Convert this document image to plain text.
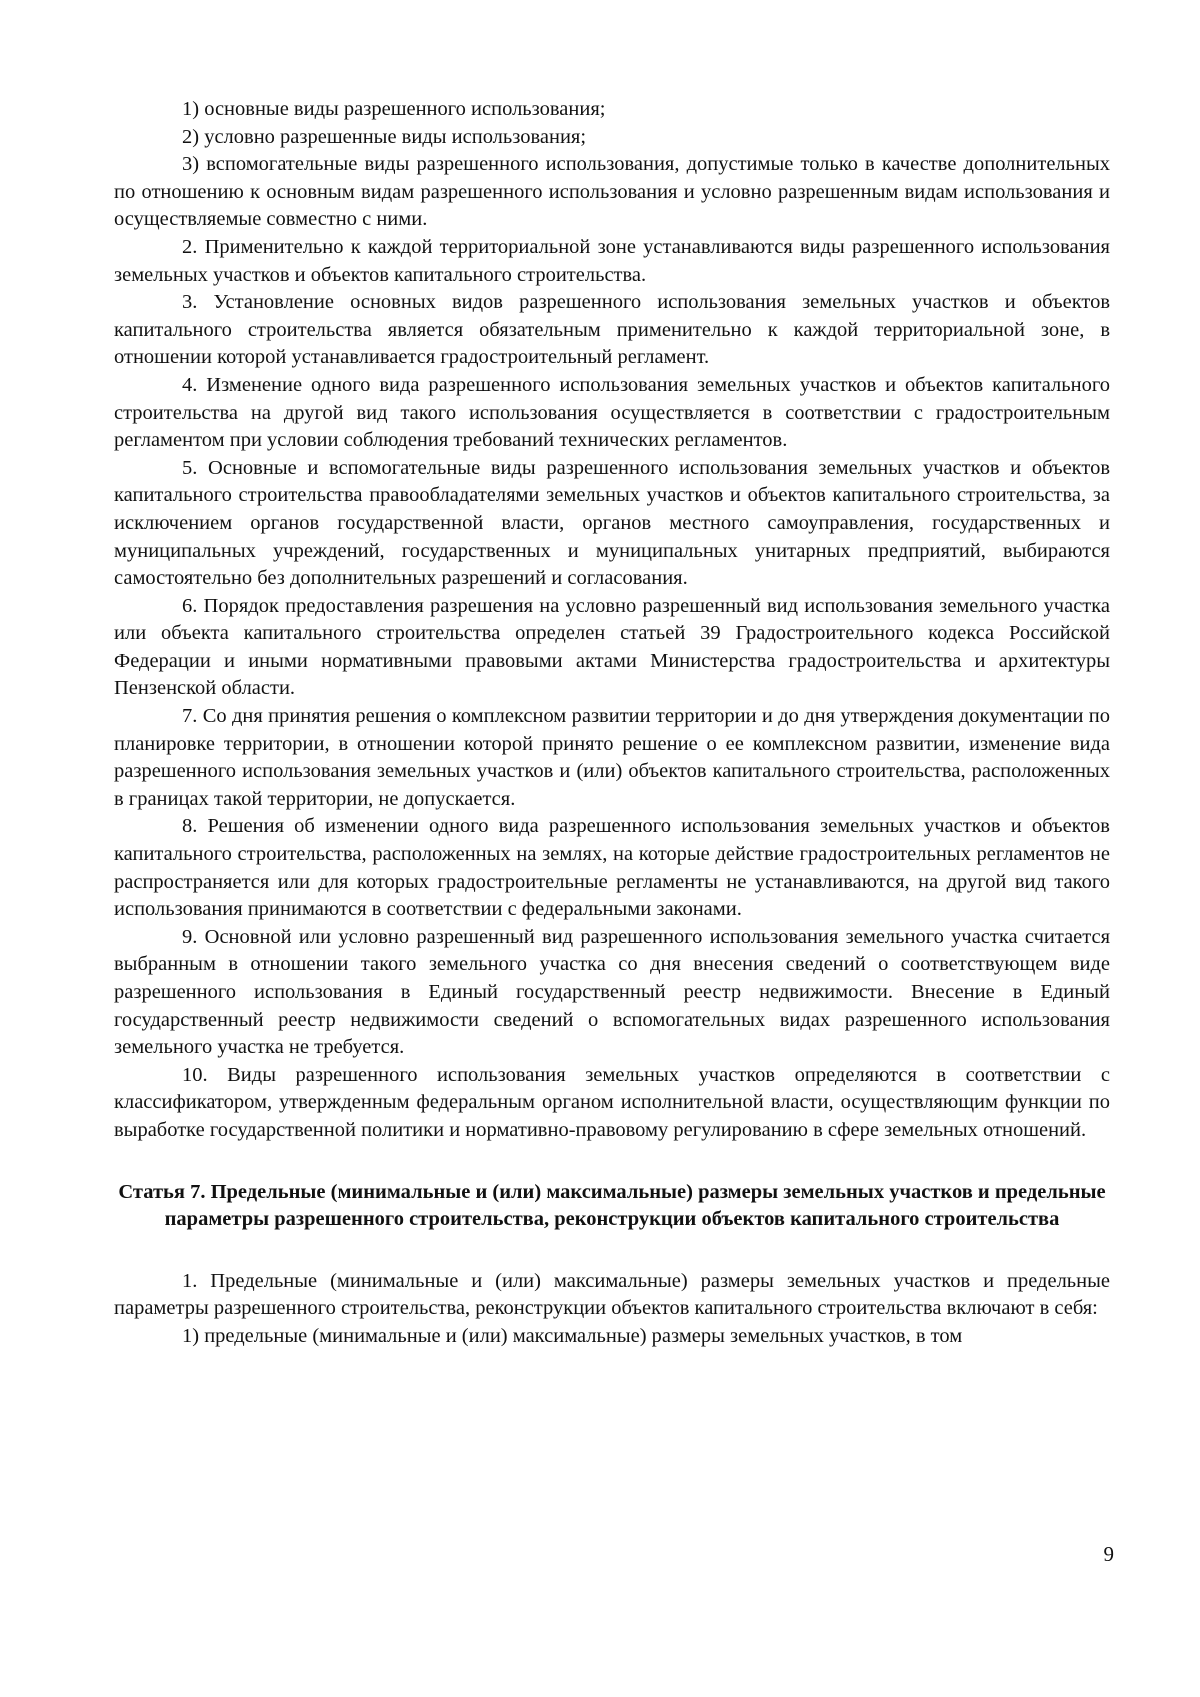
1) основные виды разрешенного использования;

2) условно разрешенные виды использования;

3) вспомогательные виды разрешенного использования, допустимые только в качестве дополнительных по отношению к основным видам разрешенного использования и условно разрешенным видам использования и осуществляемые совместно с ними.

2. Применительно к каждой территориальной зоне устанавливаются виды разрешенного использования земельных участков и объектов капитального строительства.

3. Установление основных видов разрешенного использования земельных участков и объектов капитального строительства является обязательным применительно к каждой территориальной зоне, в отношении которой устанавливается градостроительный регламент.

4. Изменение одного вида разрешенного использования земельных участков и объектов капитального строительства на другой вид такого использования осуществляется в соответствии с градостроительным регламентом при условии соблюдения требований технических регламентов.

5. Основные и вспомогательные виды разрешенного использования земельных участков и объектов капитального строительства правообладателями земельных участков и объектов капитального строительства, за исключением органов государственной власти, органов местного самоуправления, государственных и муниципальных учреждений, государственных и муниципальных унитарных предприятий, выбираются самостоятельно без дополнительных разрешений и согласования.

6. Порядок предоставления разрешения на условно разрешенный вид использования земельного участка или объекта капитального строительства определен статьей 39 Градостроительного кодекса Российской Федерации и иными нормативными правовыми актами Министерства градостроительства и архитектуры Пензенской области.

7. Со дня принятия решения о комплексном развитии территории и до дня утверждения документации по планировке территории, в отношении которой принято решение о ее комплексном развитии, изменение вида разрешенного использования земельных участков и (или) объектов капитального строительства, расположенных в границах такой территории, не допускается.

8. Решения об изменении одного вида разрешенного использования земельных участков и объектов капитального строительства, расположенных на землях, на которые действие градостроительных регламентов не распространяется или для которых градостроительные регламенты не устанавливаются, на другой вид такого использования принимаются в соответствии с федеральными законами.

9. Основной или условно разрешенный вид разрешенного использования земельного участка считается выбранным в отношении такого земельного участка со дня внесения сведений о соответствующем виде разрешенного использования в Единый государственный реестр недвижимости. Внесение в Единый государственный реестр недвижимости сведений о вспомогательных видах разрешенного использования земельного участка не требуется.

10. Виды разрешенного использования земельных участков определяются в соответствии с классификатором, утвержденным федеральным органом исполнительной власти, осуществляющим функции по выработке государственной политики и нормативно-правовому регулированию в сфере земельных отношений.

Статья 7. Предельные (минимальные и (или) максимальные) размеры земельных участков и предельные параметры разрешенного строительства, реконструкции объектов капитального строительства

1. Предельные (минимальные и (или) максимальные) размеры земельных участков и предельные параметры разрешенного строительства, реконструкции объектов капитального строительства включают в себя:

1) предельные (минимальные и (или) максимальные) размеры земельных участков, в том

9
